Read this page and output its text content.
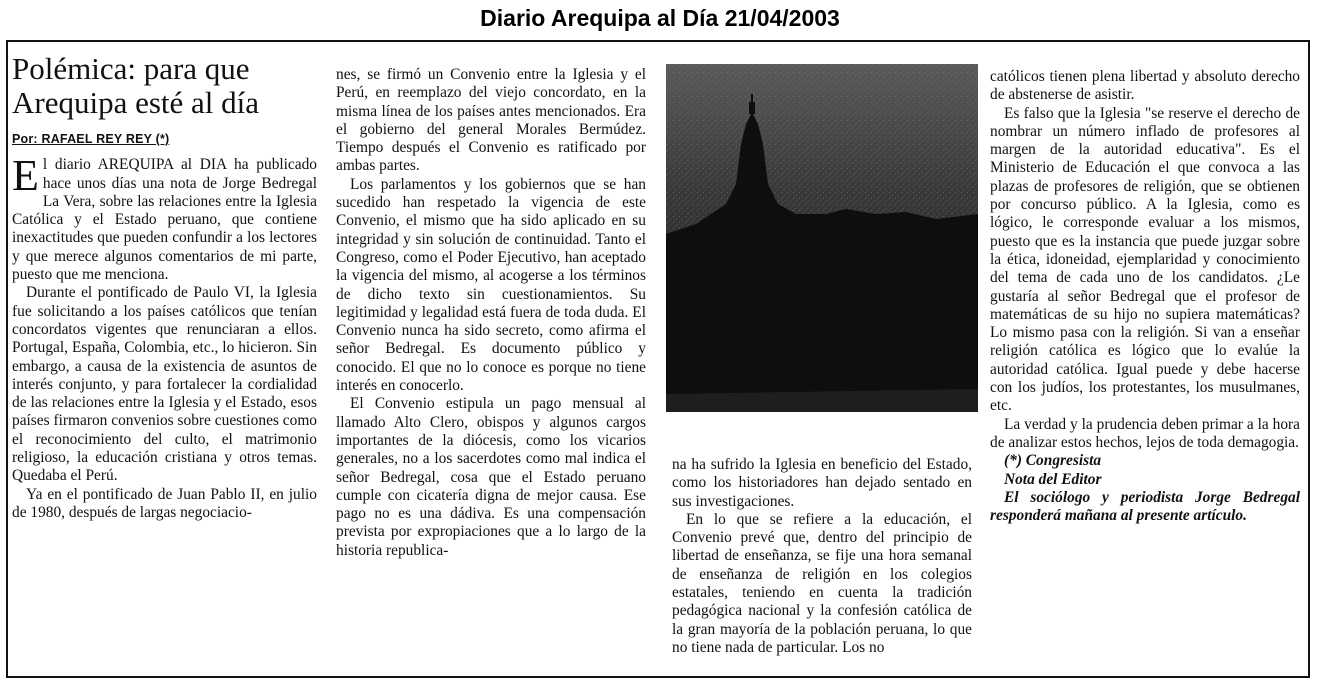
Diario Arequipa al Día 21/04/2003
Polémica: para que Arequipa esté al día
Por: RAFAEL REY REY (*)

El diario AREQUIPA al DIA ha publicado hace unos días una nota de Jorge Bedregal La Vera, sobre las relaciones entre la Iglesia Católica y el Estado peruano, que contiene inexactitudes que pueden confundir a los lectores y que merece algunos comentarios de mi parte, puesto que me menciona.

Durante el pontificado de Paulo VI, la Iglesia fue solicitando a los países católicos que tenían concordatos vigentes que renunciaran a ellos. Portugal, España, Colombia, etc., lo hicieron. Sin embargo, a causa de la existencia de asuntos de interés conjunto, y para fortalecer la cordialidad de las relaciones entre la Iglesia y el Estado, esos países firmaron convenios sobre cuestiones como el reconocimiento del culto, el matrimonio religioso, la educación cristiana y otros temas. Quedaba el Perú.

Ya en el pontificado de Juan Pablo II, en julio de 1980, después de largas negociacio-

nes, se firmó un Convenio entre la Iglesia y el Perú, en reemplazo del viejo concordato, en la misma línea de los países antes mencionados. Era el gobierno del general Morales Bermúdez. Tiempo después el Convenio es ratificado por ambas partes.

Los parlamentos y los gobiernos que se han sucedido han respetado la vigencia de este Convenio, el mismo que ha sido aplicado en su integridad y sin solución de continuidad. Tanto el Congreso, como el Poder Ejecutivo, han aceptado la vigencia del mismo, al acogerse a los términos de dicho texto sin cuestionamientos. Su legitimidad y legalidad está fuera de toda duda. El Convenio nunca ha sido secreto, como afirma el señor Bedregal. Es documento público y conocido. El que no lo conoce es porque no tiene interés en conocerlo.

El Convenio estipula un pago mensual al llamado Alto Clero, obispos y algunos cargos importantes de la diócesis, como los vicarios generales, no a los sacerdotes como mal indica el señor Bedregal, cosa que el Estado peruano cumple con cicatería digna de mejor causa. Ese pago no es una dádiva. Es una compensación prevista por expropiaciones que a lo largo de la historia republica-

na ha sufrido la Iglesia en beneficio del Estado, como los historiadores han dejado sentado en sus investigaciones.

En lo que se refiere a la educación, el Convenio prevé que, dentro del principio de libertad de enseñanza, se fije una hora semanal de enseñanza de religión en los colegios estatales, teniendo en cuenta la tradición pedagógica nacional y la confesión católica de la gran mayoría de la población peruana, lo que no tiene nada de particular. Los no

católicos tienen plena libertad y absoluto derecho de abstenerse de asistir.

Es falso que la Iglesia "se reserve el derecho de nombrar un número inflado de profesores al margen de la autoridad educativa". Es el Ministerio de Educación el que convoca a las plazas de profesores de religión, que se obtienen por concurso público. A la Iglesia, como es lógico, le corresponde evaluar a los mismos, puesto que es la instancia que puede juzgar sobre la ética, idoneidad, ejemplaridad y conocimiento del tema de cada uno de los candidatos. ¿Le gustaría al señor Bedregal que el profesor de matemáticas de su hijo no supiera matemáticas? Lo mismo pasa con la religión. Si van a enseñar religión católica es lógico que lo evalúe la autoridad católica. Igual puede y debe hacerse con los judíos, los protestantes, los musulmanes, etc.

La verdad y la prudencia deben primar a la hora de analizar estos hechos, lejos de toda demagogia.

(*) Congresista

Nota del Editor

El sociólogo y periodista Jorge Bedregal responderá mañana al presente artículo.
